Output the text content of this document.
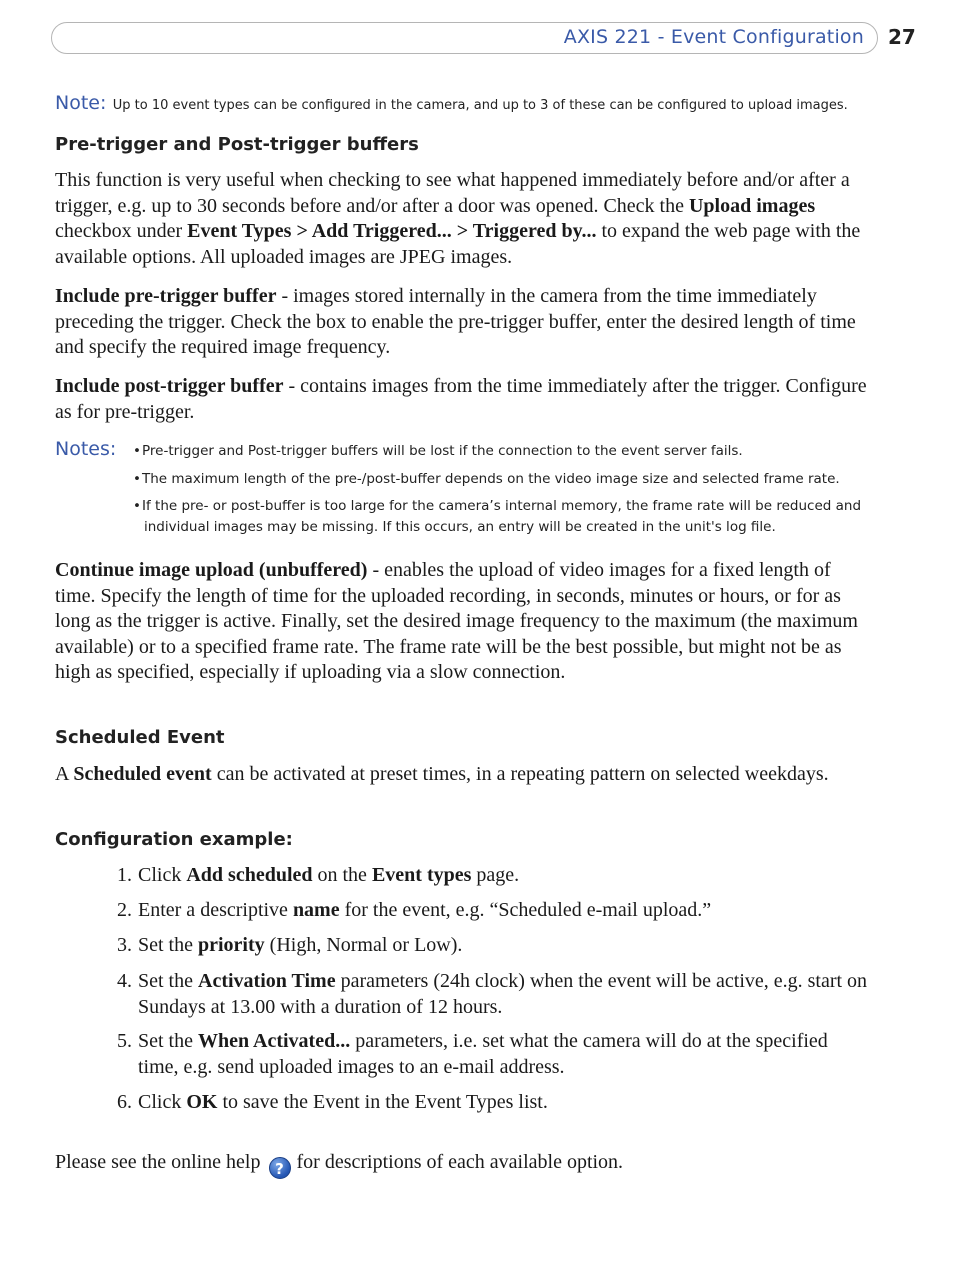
AXIS 221 - Event Configuration 27
Note: Up to 10 event types can be configured in the camera, and up to 3 of these can be configured to upload images.
Pre-trigger and Post-trigger buffers

This function is very useful when checking to see what happened immediately before and/or after a trigger, e.g. up to 30 seconds before and/or after a door was opened. Check the Upload images checkbox under Event Types > Add Triggered... > Triggered by... to expand the web page with the available options. All uploaded images are JPEG images.

Include pre-trigger buffer - images stored internally in the camera from the time immediately preceding the trigger. Check the box to enable the pre-trigger buffer, enter the desired length of time and specify the required image frequency.

Include post-trigger buffer - contains images from the time immediately after the trigger. Configure as for pre-trigger.

Notes: •Pre-trigger and Post-trigger buffers will be lost if the connection to the event server fails.
•The maximum length of the pre-/post-buffer depends on the video image size and selected frame rate.
•If the pre- or post-buffer is too large for the camera’s internal memory, the frame rate will be reduced and
individual images may be missing. If this occurs, an entry will be created in the unit's log file.

Continue image upload (unbuffered) - enables the upload of video images for a fixed length of time. Specify the length of time for the uploaded recording, in seconds, minutes or hours, or for as long as the trigger is active. Finally, set the desired image frequency to the maximum (the maximum available) or to a specified frame rate. The frame rate will be the best possible, but might not be as high as specified, especially if uploading via a slow connection.

Scheduled Event

A Scheduled event can be activated at preset times, in a repeating pattern on selected weekdays.

Configuration example:
1. Click Add scheduled on the Event types page.
2. Enter a descriptive name for the event, e.g. “Scheduled e-mail upload.”
3. Set the priority (High, Normal or Low).
4. Set the Activation Time parameters (24h clock) when the event will be active, e.g. start on Sundays at 13.00 with a duration of 12 hours.
5. Set the When Activated... parameters, i.e. set what the camera will do at the specified time, e.g. send uploaded images to an e-mail address.
6. Click OK to save the Event in the Event Types list.

Please see the online help ? for descriptions of each available option.
